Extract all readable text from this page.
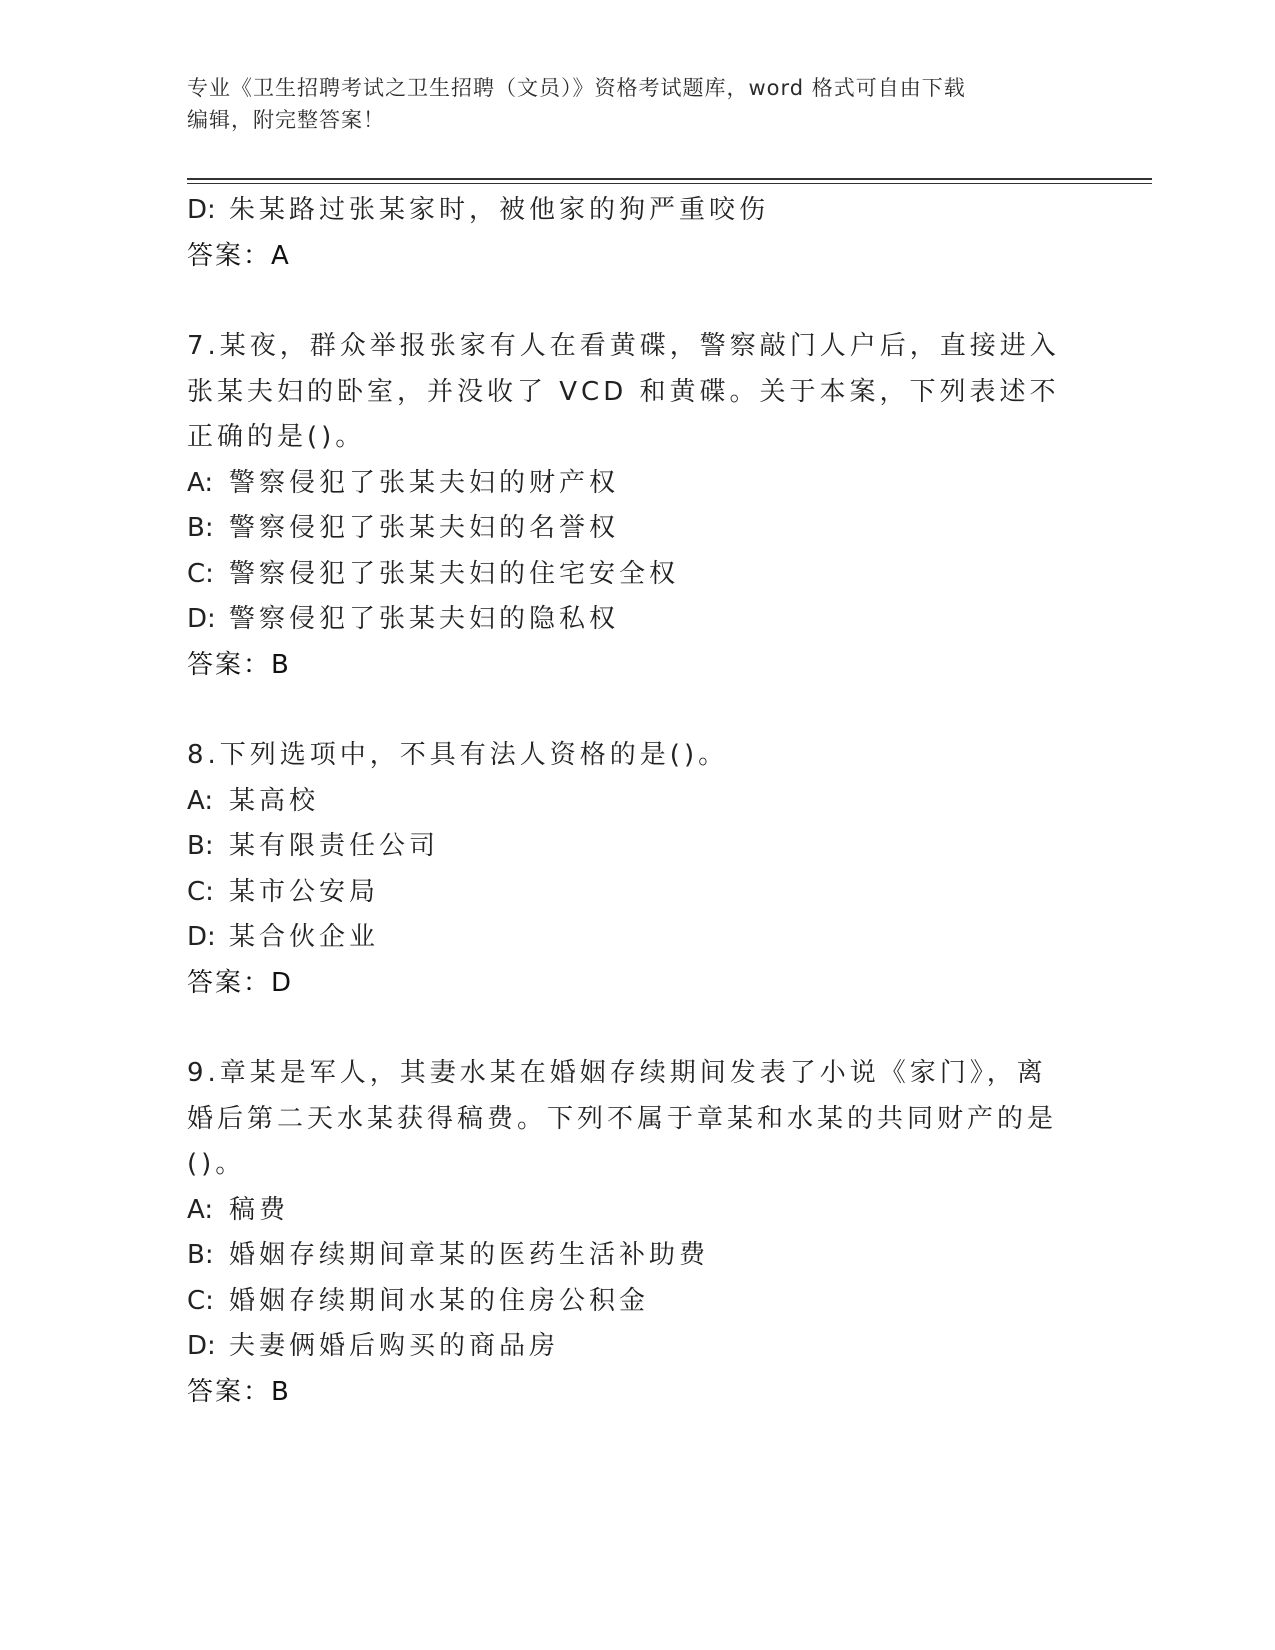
专业《卫生招聘考试之卫生招聘（文员）》资格考试题库，word 格式可自由下载
编辑，附完整答案！
D: 朱某路过张某家时，被他家的狗严重咬伤
答案：A
7.某夜，群众举报张家有人在看黄碟，警察敲门人户后，直接进入张某夫妇的卧室，并没收了 VCD 和黄碟。关于本案，下列表述不正确的是()。
A: 警察侵犯了张某夫妇的财产权
B: 警察侵犯了张某夫妇的名誉权
C: 警察侵犯了张某夫妇的住宅安全权
D: 警察侵犯了张某夫妇的隐私权
答案：B
8.下列选项中，不具有法人资格的是()。
A: 某高校
B: 某有限责任公司
C: 某市公安局
D: 某合伙企业
答案：D
9.章某是军人，其妻水某在婚姻存续期间发表了小说《家门》，离婚后第二天水某获得稿费。下列不属于章某和水某的共同财产的是()。
A: 稿费
B: 婚姻存续期间章某的医药生活补助费
C: 婚姻存续期间水某的住房公积金
D: 夫妻俩婚后购买的商品房
答案：B
